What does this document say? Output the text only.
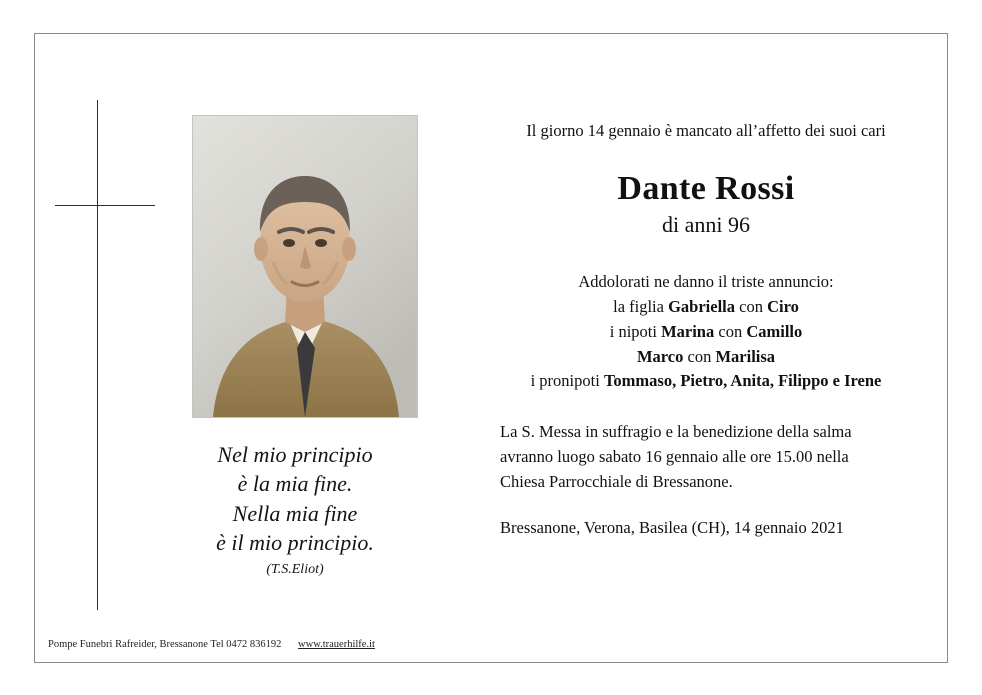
Nel mio principio
è la mia fine.
Nella mia fine
è il mio principio.
(T.S.Eliot)
Il giorno 14 gennaio è mancato all’affetto dei suoi cari
Dante Rossi
di anni 96
Addolorati ne danno il triste annuncio:
la figlia Gabriella con Ciro
i nipoti Marina con Camillo
Marco con Marilisa
i pronipoti Tommaso, Pietro, Anita, Filippo e Irene
La S. Messa in suffragio e la benedizione della salma
avranno luogo sabato 16 gennaio alle ore 15.00 nella
Chiesa Parrocchiale di Bressanone.
Bressanone, Verona, Basilea (CH), 14 gennaio 2021
Pompe Funebri Rafreider, Bressanone Tel 0472 836192 www.trauerhilfe.it
